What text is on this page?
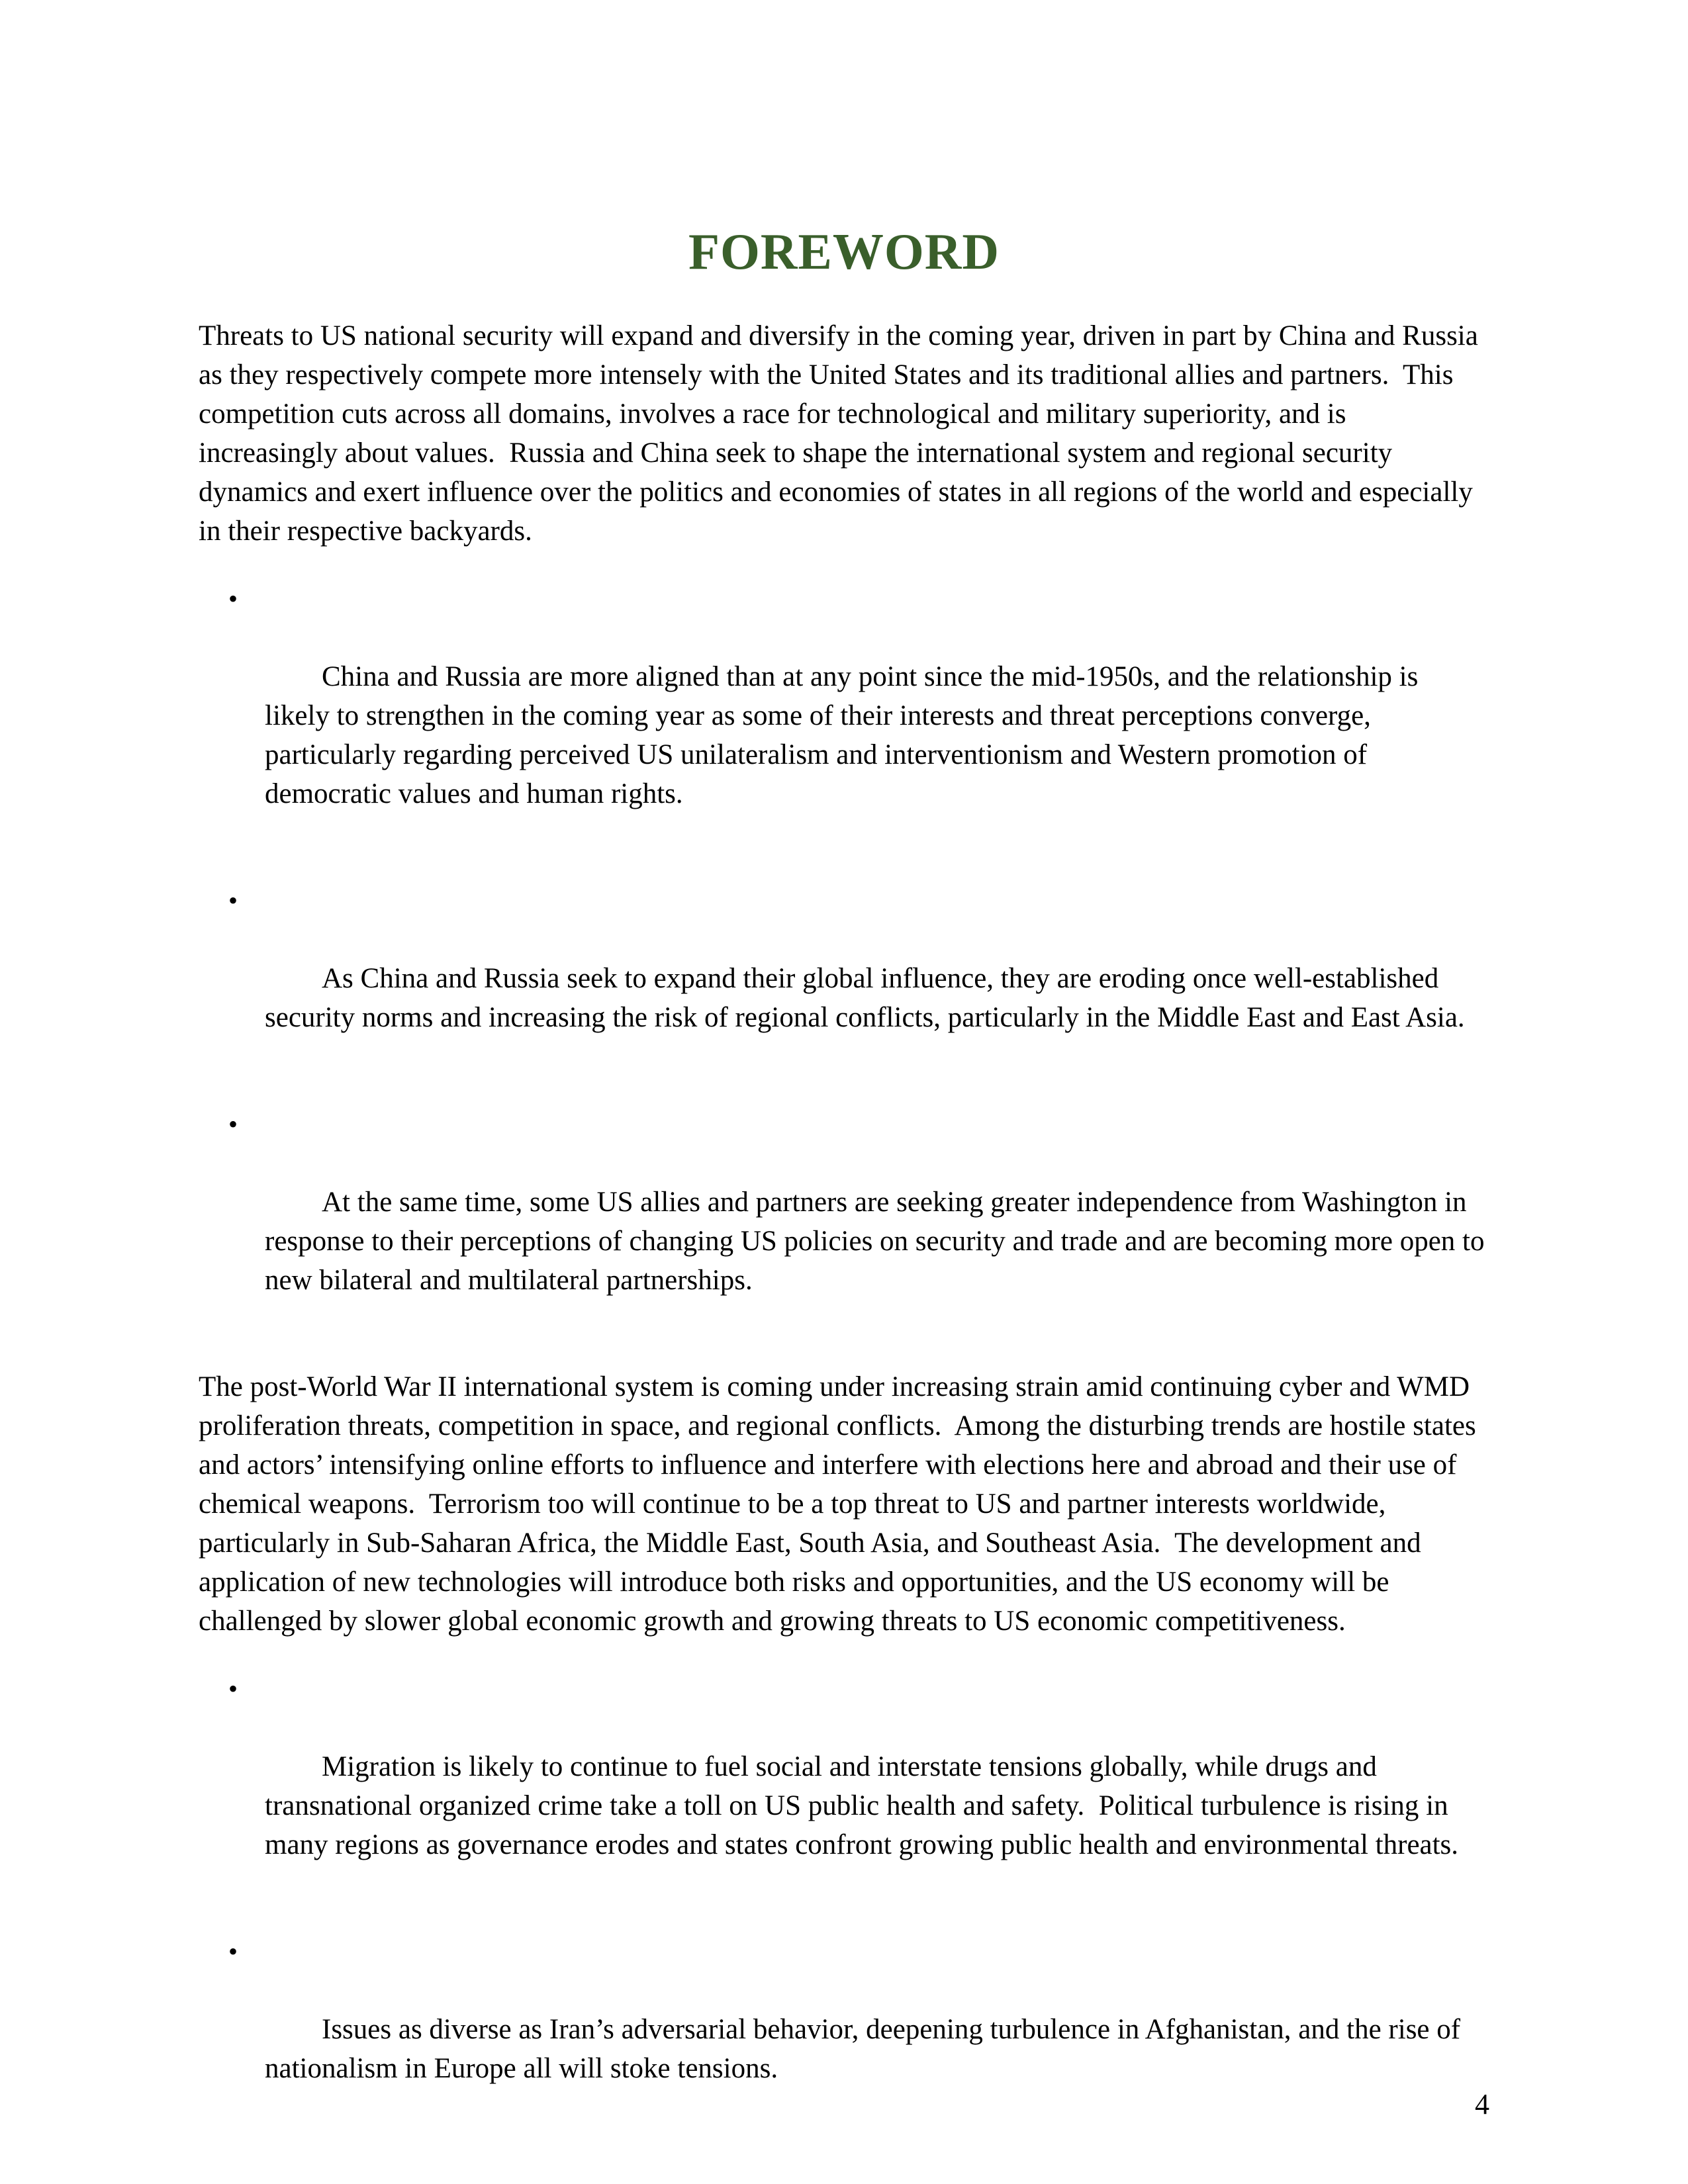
FOREWORD

Threats to US national security will expand and diversify in the coming year, driven in part by China and Russia as they respectively compete more intensely with the United States and its traditional allies and partners.  This competition cuts across all domains, involves a race for technological and military superiority, and is increasingly about values.  Russia and China seek to shape the international system and regional security dynamics and exert influence over the politics and economies of states in all regions of the world and especially in their respective backyards.

•

China and Russia are more aligned than at any point since the mid-1950s, and the relationship is likely to strengthen in the coming year as some of their interests and threat perceptions converge, particularly regarding perceived US unilateralism and interventionism and Western promotion of democratic values and human rights.

•

As China and Russia seek to expand their global influence, they are eroding once well-established security norms and increasing the risk of regional conflicts, particularly in the Middle East and East Asia.

•

At the same time, some US allies and partners are seeking greater independence from Washington in response to their perceptions of changing US policies on security and trade and are becoming more open to new bilateral and multilateral partnerships.

The post-World War II international system is coming under increasing strain amid continuing cyber and WMD proliferation threats, competition in space, and regional conflicts.  Among the disturbing trends are hostile states and actors’ intensifying online efforts to influence and interfere with elections here and abroad and their use of chemical weapons.  Terrorism too will continue to be a top threat to US and partner interests worldwide, particularly in Sub-Saharan Africa, the Middle East, South Asia, and Southeast Asia.  The development and application of new technologies will introduce both risks and opportunities, and the US economy will be challenged by slower global economic growth and growing threats to US economic competitiveness.

•

Migration is likely to continue to fuel social and interstate tensions globally, while drugs and transnational organized crime take a toll on US public health and safety.  Political turbulence is rising in many regions as governance erodes and states confront growing public health and environmental threats.

•

Issues as diverse as Iran’s adversarial behavior, deepening turbulence in Afghanistan, and the rise of nationalism in Europe all will stoke tensions.

4
